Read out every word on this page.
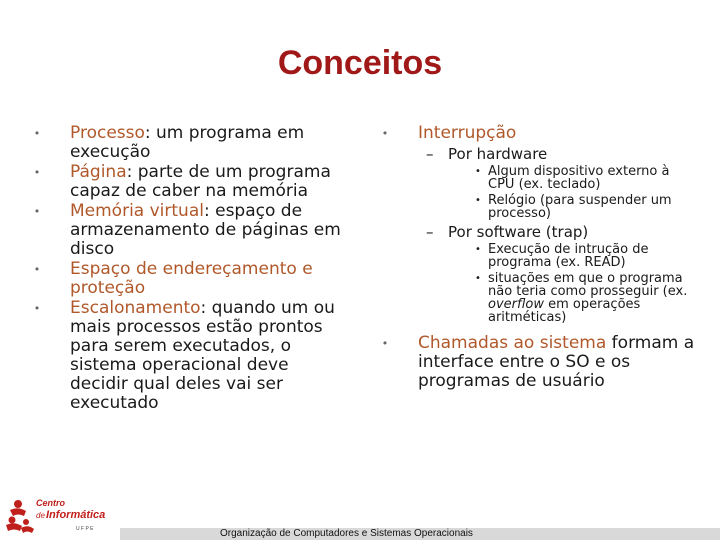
Conceitos
• Processo: um programa em execução
• Página: parte de um programa capaz de caber na memória
• Memória virtual: espaço de armazenamento de páginas em disco
• Espaço de endereçamento e proteção
• Escalonamento: quando um ou mais processos estão prontos para serem executados, o sistema operacional deve decidir qual deles vai ser executado
• Interrupção
– Por hardware
• Algum dispositivo externo à CPU (ex. teclado)
• Relógio (para suspender um processo)
– Por software (trap)
• Execução de intrução de programa (ex. READ)
• situações em que o programa não teria como prosseguir (ex. overflow em operações aritméticas)
• Chamadas ao sistema formam a interface entre o SO e os programas de usuário
Centro
de Informática
U F P E	Organização de Computadores e Sistemas Operacionais
